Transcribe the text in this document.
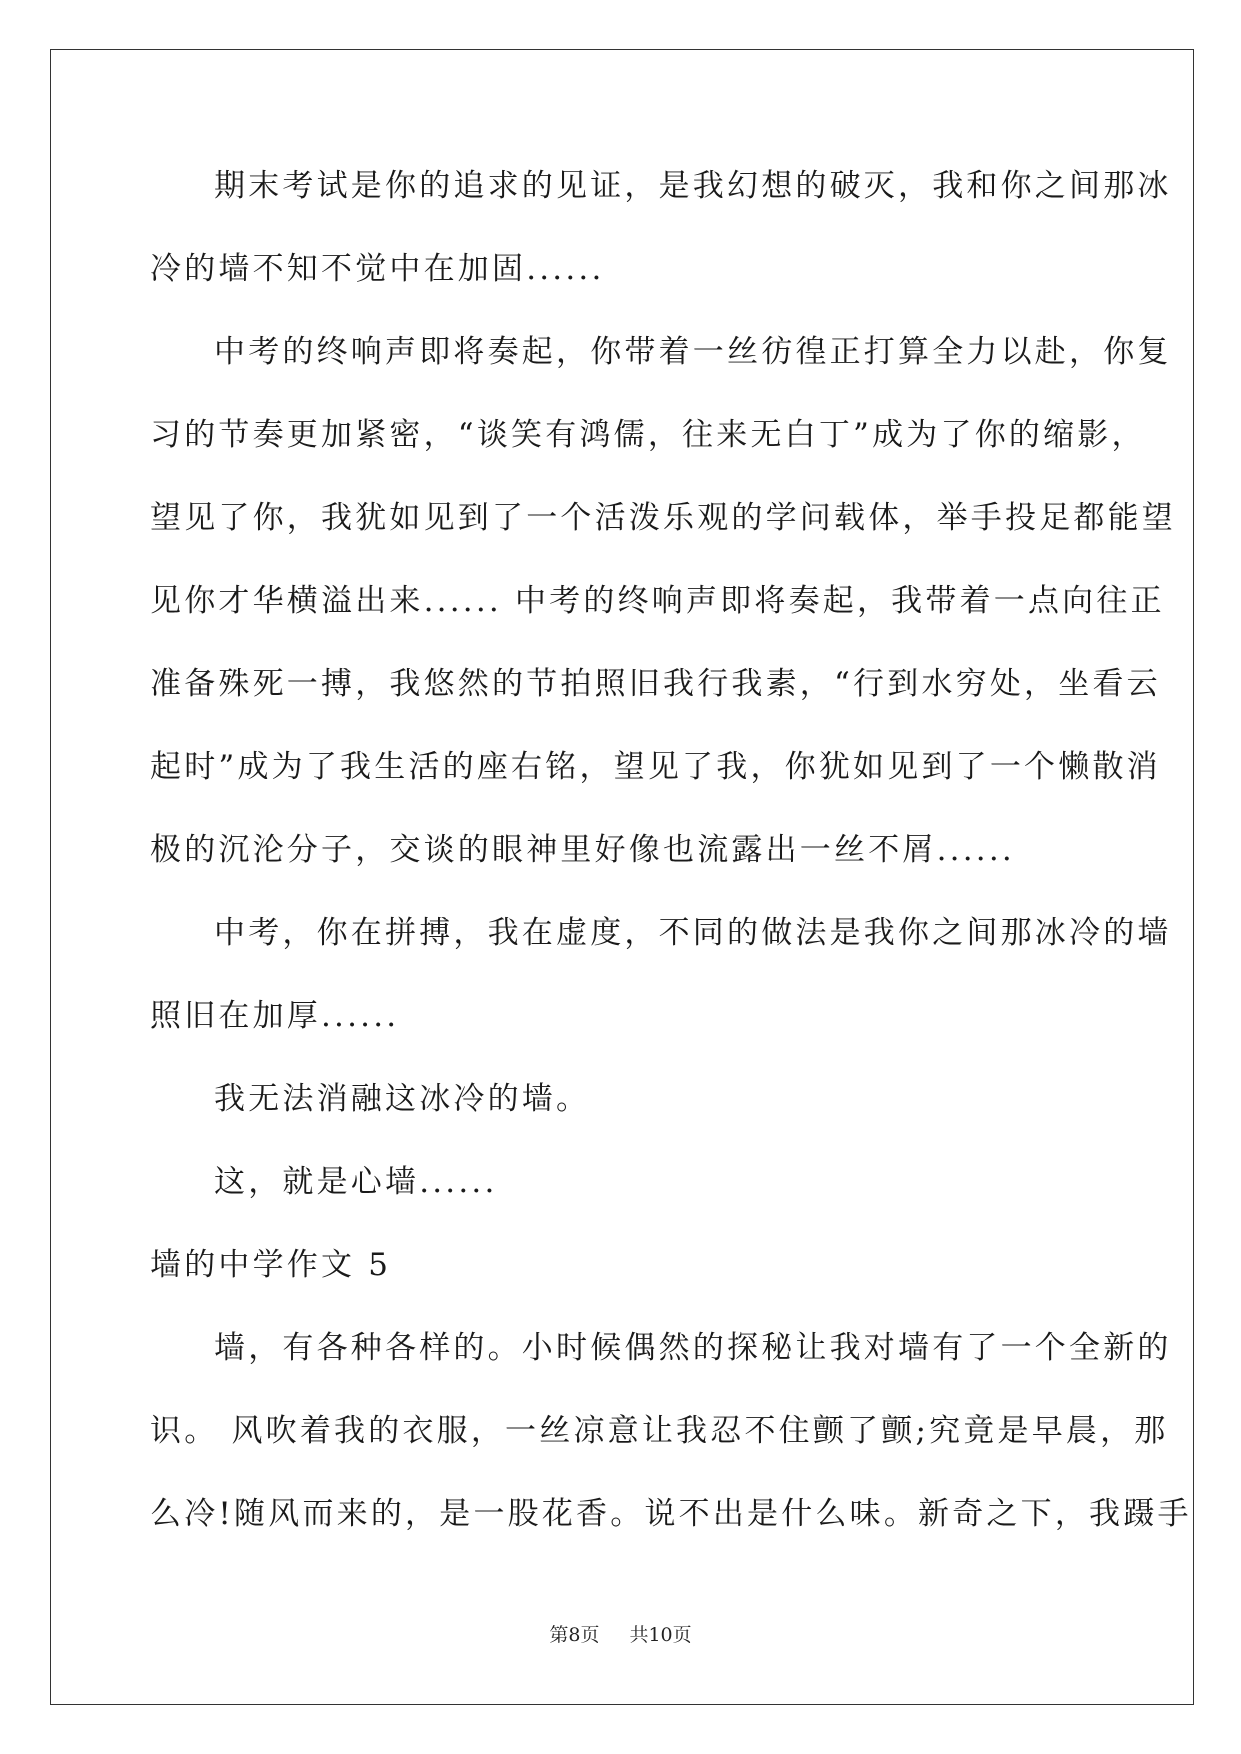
期末考试是你的追求的见证，是我幻想的破灭，我和你之间那冰

冷的墙不知不觉中在加固......

中考的终响声即将奏起，你带着一丝彷徨正打算全力以赴，你复

习的节奏更加紧密，“谈笑有鸿儒，往来无白丁”成为了你的缩影，

望见了你，我犹如见到了一个活泼乐观的学问载体，举手投足都能望

见你才华横溢出来...... 中考的终响声即将奏起，我带着一点向往正

准备殊死一搏，我悠然的节拍照旧我行我素，“行到水穷处，坐看云

起时”成为了我生活的座右铭，望见了我，你犹如见到了一个懒散消

极的沉沦分子，交谈的眼神里好像也流露出一丝不屑......

中考，你在拼搏，我在虚度，不同的做法是我你之间那冰冷的墙

照旧在加厚......

我无法消融这冰冷的墙。

这，就是心墙......

墙的中学作文 5

墙，有各种各样的。小时候偶然的探秘让我对墙有了一个全新的

识。 风吹着我的衣服，一丝凉意让我忍不住颤了颤;究竟是早晨，那

么冷!随风而来的，是一股花香。说不出是什么味。新奇之下，我蹑手

第8页 共10页
